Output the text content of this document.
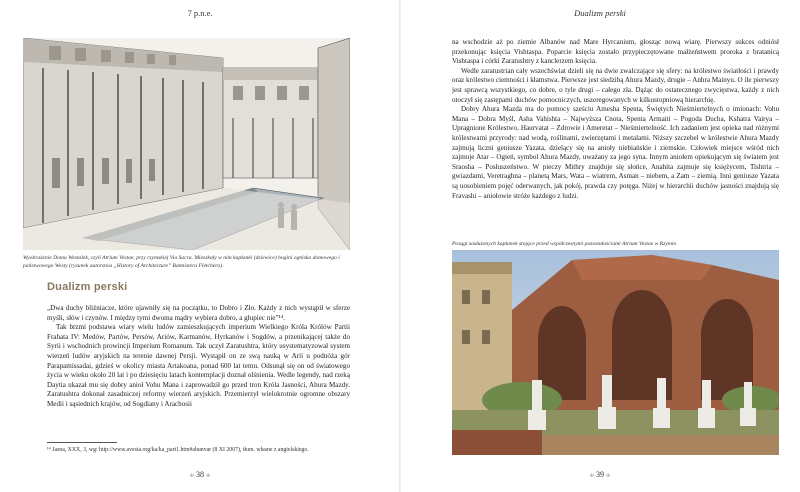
7 p.n.e.
Wyobrażenie Domu Westalek, czyli Atrium Vestae, przy rzymskiej Via Sacra. Mieszkały w nim kapłanki (dziewice) bogini ogniska domowego i państwowego Westy (rysunek autorstwa „History of Architecture” Bannistera Fletchera).
Dualizm perski

„Dwa duchy bliźniacze, które ujawniły się na początku, to Dobro i Zło. Każdy z nich wystąpił w sferze myśli, słów i czynów. I między tymi dwoma mądry wybiera dobro, a głupiec nie”¹⁴.

Tak brzmi podstawa wiary wielu ludów zamieszkujących imperium Wielkiego Króla Królów Partii Frahata IV: Medów, Partów, Persów, Ariów, Karmanów, Hyrkanów i Sogdów, a przenikającej także do Syrii i wschodnich prowincji Imperium Romanum. Tak uczył Zaratushtra, który usystematyzował system wierzeń ludów aryjskich na terenie dawnej Persji. Wystąpił on ze swą nauką w Arii u podnóża gór Parapamissadai, gdzieś w okolicy miasta Artakoana, ponad 600 lat temu. Odsunął się on od światowego życia w wieku około 20 lat i po dziesięciu latach kontemplacji doznał olśnienia. Wedle legendy, nad rzeką Daytia ukazał mu się dobry anioł Vohu Mana i zaprowadził go przed tron Króla Jasności, Ahura Mazdy. Zaratushtra dokonał zasadniczej reformy wierzeń aryjskich. Przemierzył wielokrotnie ogromne obszary Medii i sąsiednich krajów, od Sogdiany i Arachosii

¹⁴ Jasna, XXX, 3, wg: http://www.avesta.org/ka/ka_part1.htm#ahunvar (8 XI 2007), tłum. własne z angielskiego.
✣ 38 ✣
Dualizm perski

na wschodzie aż po ziemie Albanów nad Mare Hyrcanium, głosząc nową wiarę. Pierwszy sukces odniósł przekonując księcia Vishtaspa. Poparcie księcia zostało przypieczętowane małżeństwem proroka z bratanicą Vishtaspa i córki Zaratushtry z kanclerzem księcia.

Wedle zaratustrian cały wszechświat dzieli się na dwie zwalczające się sfery: na królestwo światłości i prawdy oraz królestwo ciemności i kłamstwa. Pierwsze jest siedzibą Ahura Mazdy, drugie – Anhra Mainyu. O ile pierwszy jest sprawcą wszystkiego, co dobre, o tyle drugi – całego zła. Dążąc do ostatecznego zwycięstwa, każdy z nich otoczył się zastępami duchów pomocniczych, uszeregowanych w kilkustopniową hierarchię.

Dobry Ahura Mazda ma do pomocy sześciu Amesha Spenta, Świętych Nieśmiertelnych o imionach: Vohu Mana – Dobra Myśl, Asha Vahishta – Najwyższa Cnota, Spenta Armaiti – Pogoda Ducha, Kshatra Vairya – Upragnione Królestwo, Haurvatat – Zdrowie i Ameretat – Nieśmiertelność. Ich zadaniem jest opieka nad różnymi królestwami przyrody: nad wodą, roślinami, zwierzętami i metalami. Niższy szczebel w królestwie Ahura Mazdy zajmują liczni geniusze Yazata, dzielący się na anioły niebiańskie i ziemskie. Człowiek miejsce wśród nich zajmuje Atar – Ogień, symbol Ahura Mazdy, uważany za jego syna. Innym aniołem opiekującym się światem jest Sraosha – Posłuszeństwo. W pieczy Mithry znajduje się słońce, Anahita zajmuje się księżycem, Tishtria – gwiazdami, Veretraghna – planetą Mars, Wata – wiatrem, Asman – niebem, a Zam – ziemią. Inni geniusze Yazata są uosobieniem pojęć oderwanych, jak pokój, prawda czy potęga. Niżej w hierarchii duchów jasności znajdują się Fravashi – aniołowie stróże każdego z ludzi.

Posągi zasłużonych kapłanek stojące przed współczesnymi pozostałościami Atrium Vestae w Rzymie.
✣ 39 ✣
